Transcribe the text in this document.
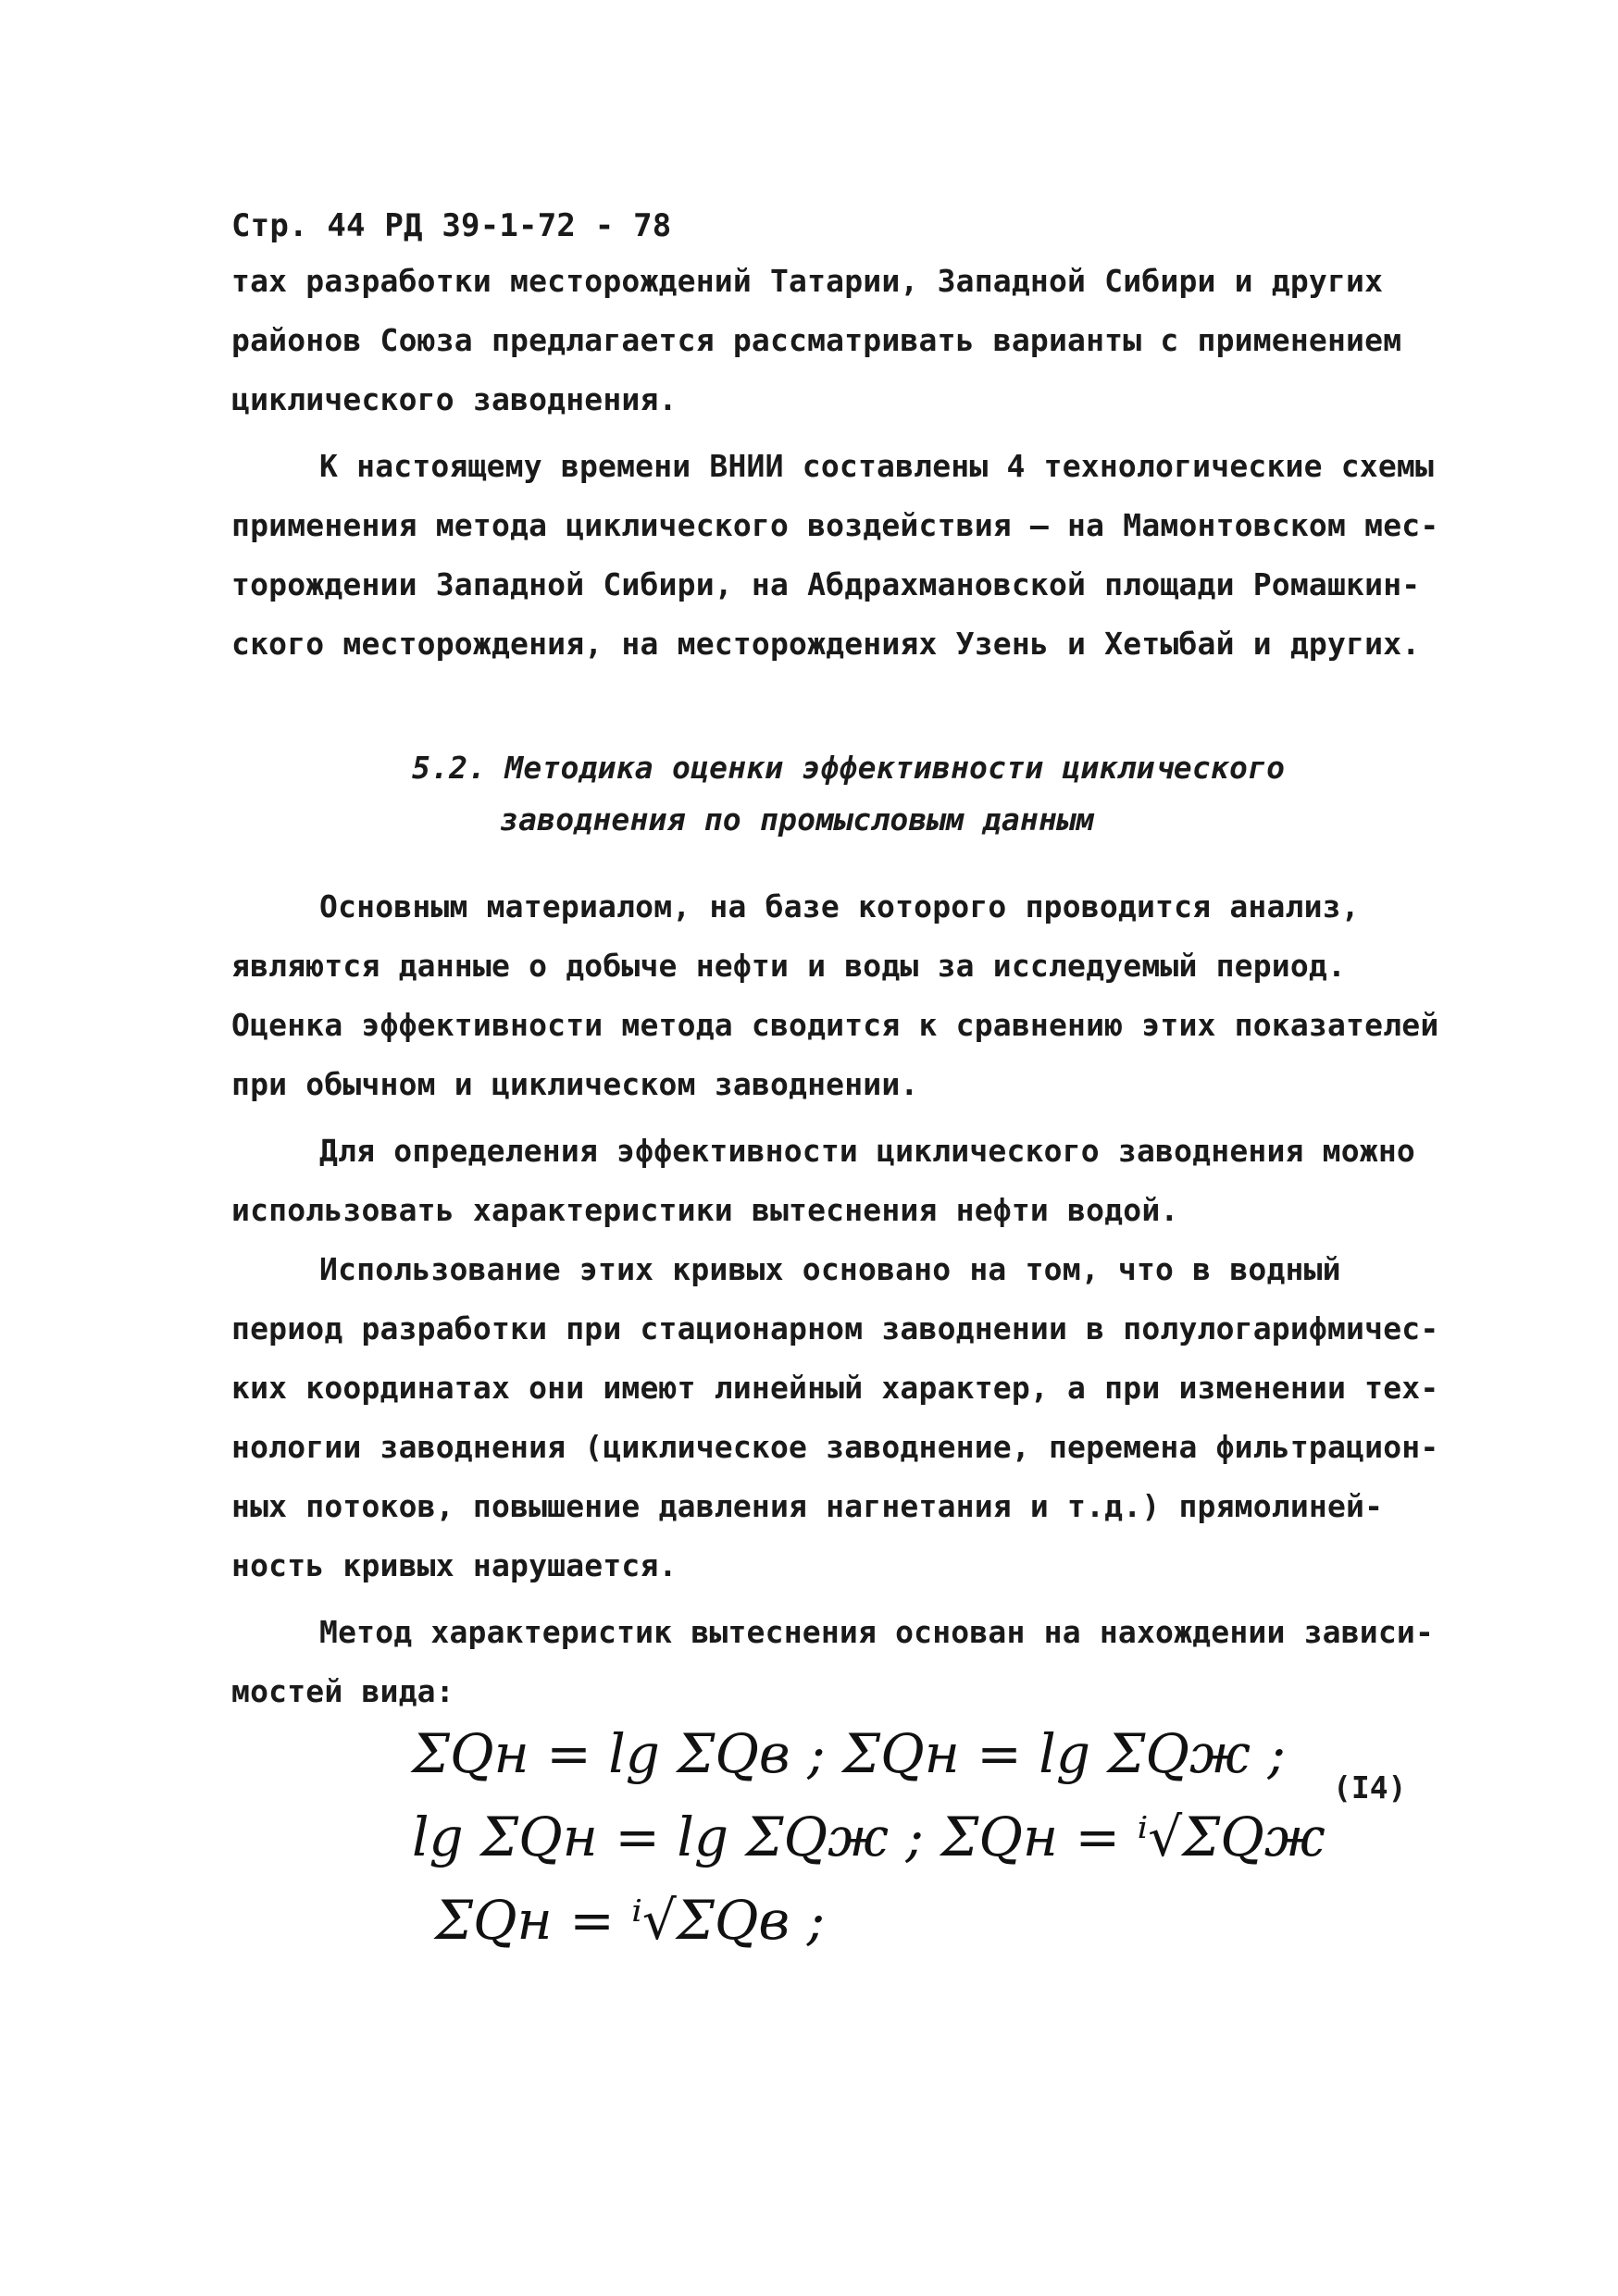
Стр. 44 РД 39-1-72 - 78
тах разработки месторождений Татарии, Западной Сибири и других
районов Союза предлагается рассматривать варианты с применением
циклического заводнения.
К настоящему времени ВНИИ составлены 4 технологические схемы
применения метода циклического воздействия – на Мамонтовском мес-
торождении Западной Сибири, на Абдрахмановской площади Ромашкин-
ского месторождения, на месторождениях Узень и Хетыбай и других.
5.2. Методика оценки эффективности циклического
заводнения по промысловым данным
Основным материалом, на базе которого проводится анализ,
являются данные о добыче нефти и воды за исследуемый период.
Оценка эффективности метода сводится к сравнению этих показателей
при обычном и циклическом заводнении.
Для определения эффективности циклического заводнения можно
использовать характеристики вытеснения нефти водой.
Использование этих кривых основано на том, что в водный
период разработки при стационарном заводнении в полулогарифмичес-
ких координатах они имеют линейный характер, а при изменении тех-
нологии заводнения (циклическое заводнение, перемена фильтрацион-
ных потоков, повышение давления нагнетания и т.д.) прямолиней-
ность кривых нарушается.
Метод характеристик вытеснения основан на нахождении зависи-
мостей вида:
ΣQн = lg ΣQв ; ΣQн = lg ΣQж ;
lg ΣQн = lg ΣQж ; ΣQн = ⁱ√ΣQж
ΣQн = ⁱ√ΣQв ;
(I4)
